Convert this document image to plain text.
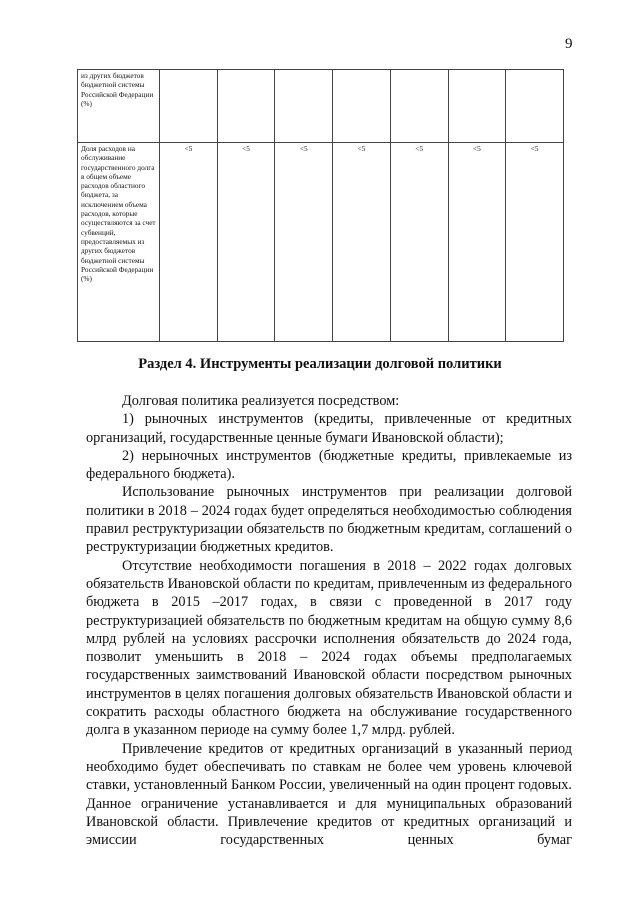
9
из других бюджетов бюджетной системы Российской Федерации (%)							
Доля расходов на обслуживание государственного долга в общем объеме расходов областного бюджета, за исключением объема расходов, которые осуществляются за счет субвенций, предоставляемых из других бюджетов бюджетной системы Российской Федерации (%)	<5	<5	<5	<5	<5	<5	<5
Раздел 4. Инструменты реализации долговой политики

Долговая политика реализуется посредством:

1) рыночных инструментов (кредиты, привлеченные от кредитных организаций, государственные ценные бумаги Ивановской области);

2) нерыночных инструментов (бюджетные кредиты, привлекаемые из федерального бюджета).

Использование рыночных инструментов при реализации долговой политики в 2018 – 2024 годах будет определяться необходимостью соблюдения правил реструктуризации обязательств по бюджетным кредитам, соглашений о реструктуризации бюджетных кредитов.

Отсутствие необходимости погашения в 2018 – 2022 годах долговых обязательств Ивановской области по кредитам, привлеченным из федерального бюджета в 2015 –2017 годах, в связи с проведенной в 2017 году реструктуризацией обязательств по бюджетным кредитам на общую сумму 8,6 млрд рублей на условиях рассрочки исполнения обязательств до 2024 года, позволит уменьшить в 2018 – 2024 годах объемы предполагаемых государственных заимствований Ивановской области посредством рыночных инструментов в целях погашения долговых обязательств Ивановской области и сократить расходы областного бюджета на обслуживание государственного долга в указанном периоде на сумму более 1,7 млрд. рублей.

Привлечение кредитов от кредитных организаций в указанный период необходимо будет обеспечивать по ставкам не более чем уровень ключевой ставки, установленный Банком России, увеличенный на один процент годовых. Данное ограничение устанавливается и для муниципальных образований Ивановской области. Привлечение кредитов от кредитных организаций и эмиссии государственных ценных бумаг
